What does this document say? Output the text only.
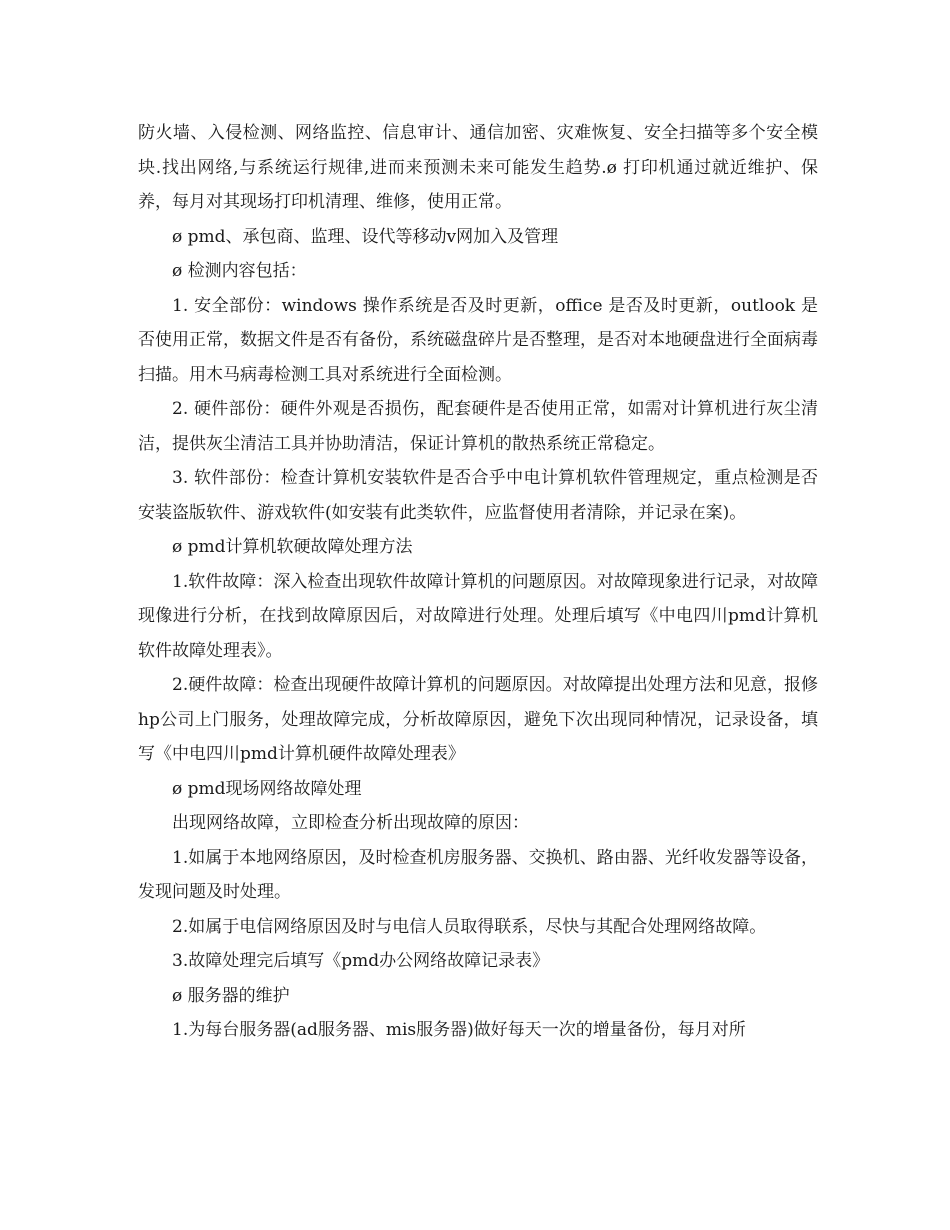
防火墙、入侵检测、网络监控、信息审计、通信加密、灾难恢复、安全扫描等多个安全模块.找出网络,与系统运行规律,进而来预测未来可能发生趋势.ø 打印机通过就近维护、保养，每月对其现场打印机清理、维修，使用正常。

ø pmd、承包商、监理、设代等移动v网加入及管理

ø 检测内容包括：

1. 安全部份：windows 操作系统是否及时更新，office 是否及时更新，outlook 是否使用正常，数据文件是否有备份，系统磁盘碎片是否整理，是否对本地硬盘进行全面病毒扫描。用木马病毒检测工具对系统进行全面检测。

2. 硬件部份：硬件外观是否损伤，配套硬件是否使用正常，如需对计算机进行灰尘清洁，提供灰尘清洁工具并协助清洁，保证计算机的散热系统正常稳定。

3. 软件部份：检查计算机安装软件是否合乎中电计算机软件管理规定，重点检测是否安装盗版软件、游戏软件(如安装有此类软件，应监督使用者清除，并记录在案)。

ø pmd计算机软硬故障处理方法

1.软件故障：深入检查出现软件故障计算机的问题原因。对故障现象进行记录，对故障现像进行分析，在找到故障原因后，对故障进行处理。处理后填写《中电四川pmd计算机软件故障处理表》。

2.硬件故障：检查出现硬件故障计算机的问题原因。对故障提出处理方法和见意，报修hp公司上门服务，处理故障完成，分析故障原因，避免下次出现同种情况，记录设备，填写《中电四川pmd计算机硬件故障处理表》

ø pmd现场网络故障处理

出现网络故障，立即检查分析出现故障的原因：

1.如属于本地网络原因，及时检查机房服务器、交换机、路由器、光纤收发器等设备，发现问题及时处理。

2.如属于电信网络原因及时与电信人员取得联系，尽快与其配合处理网络故障。

3.故障处理完后填写《pmd办公网络故障记录表》

ø 服务器的维护

1.为每台服务器(ad服务器、mis服务器)做好每天一次的增量备份，每月对所
